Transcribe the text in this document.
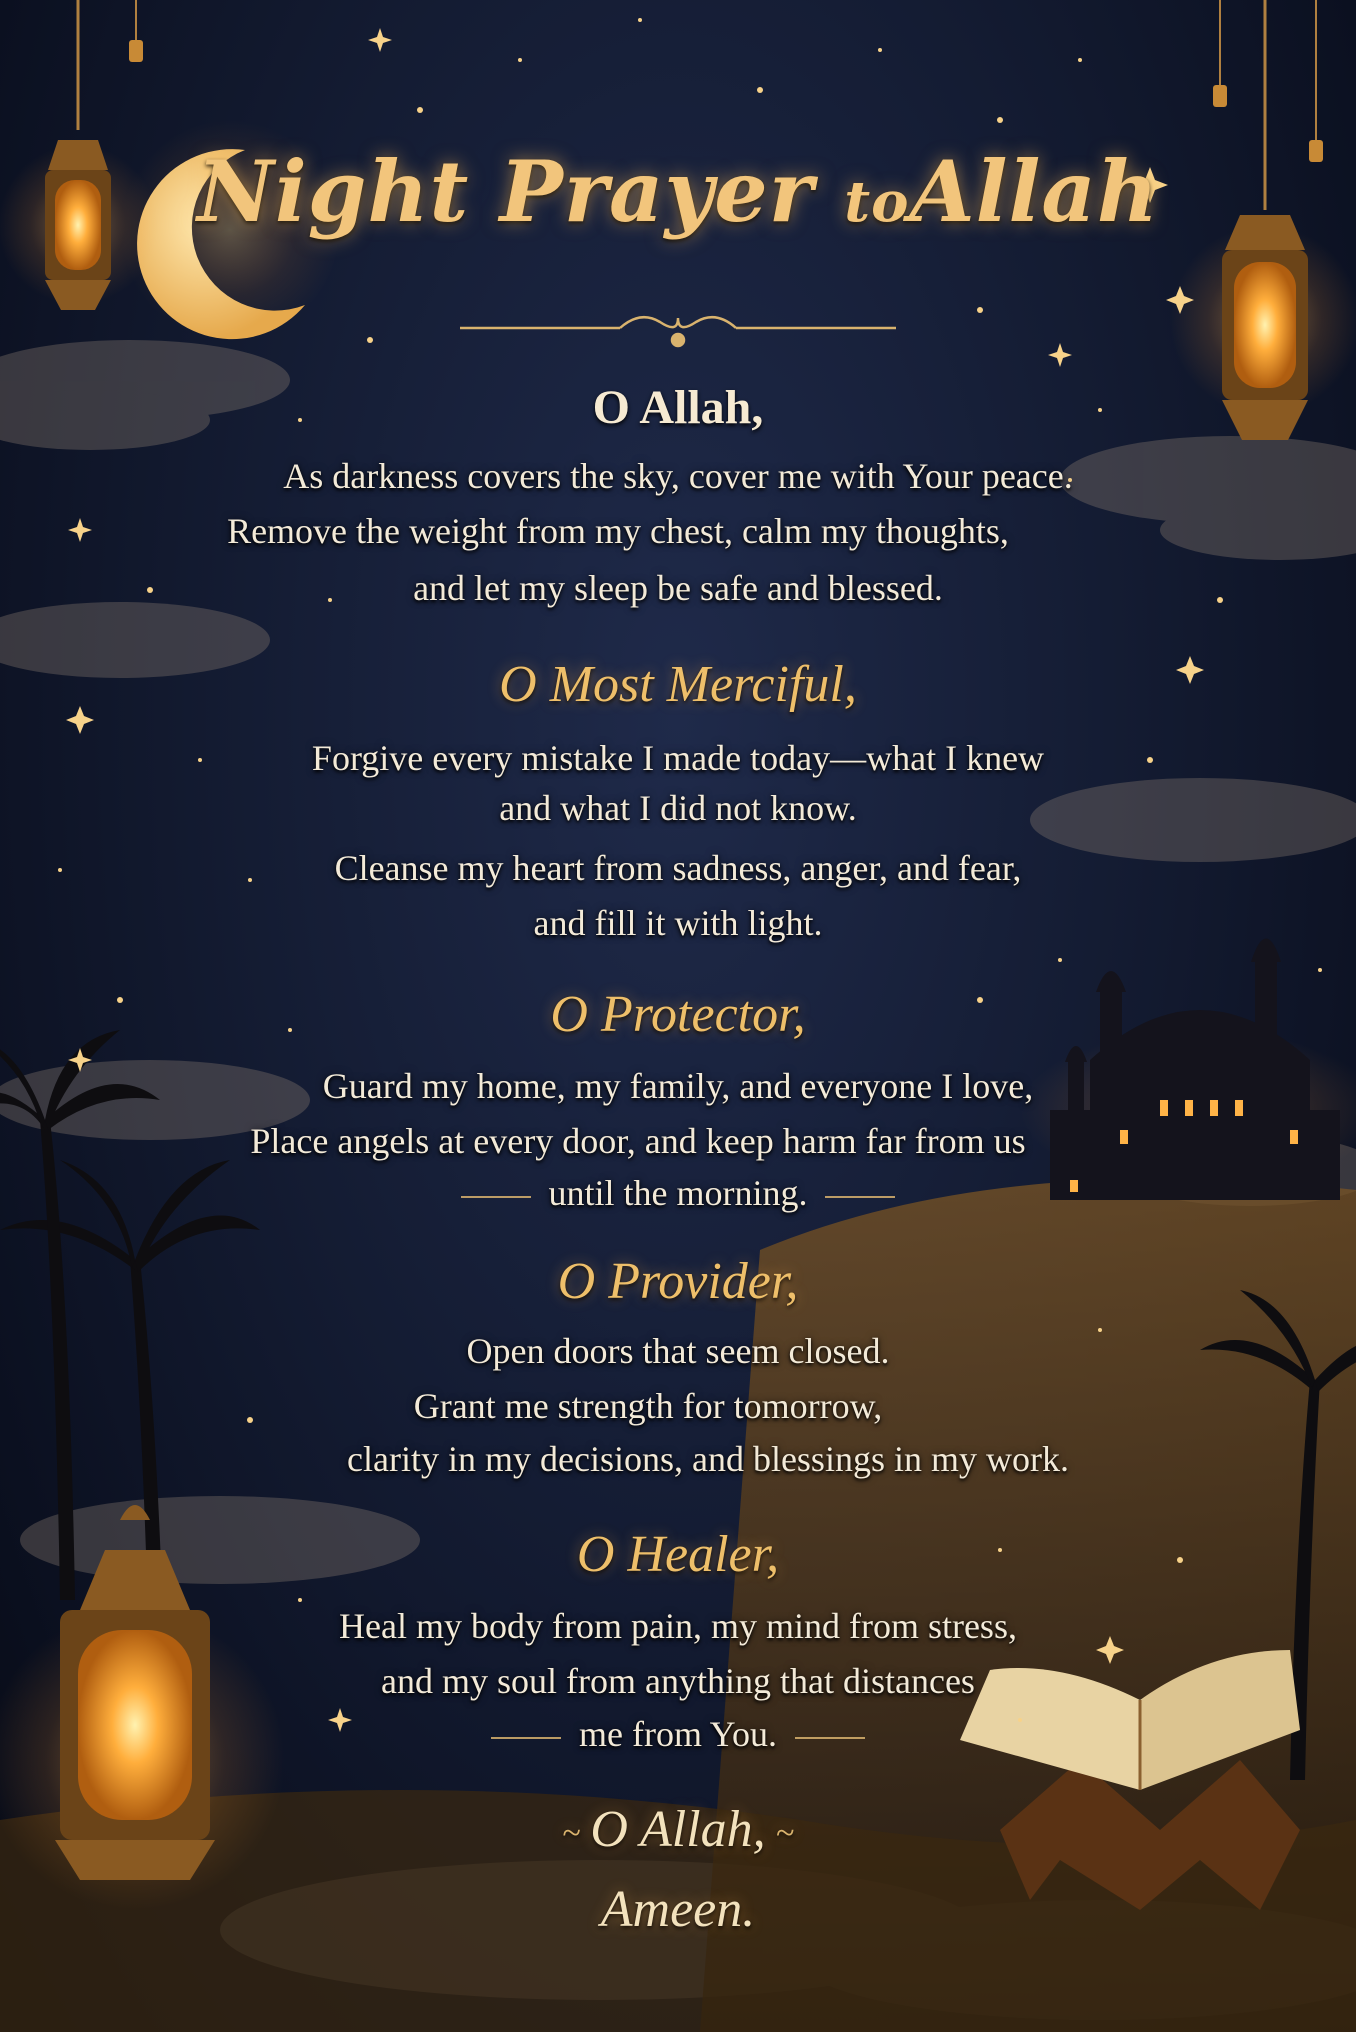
Night Prayer toAllah

O Allah,

As darkness covers the sky, cover me with Your peace.

Remove the weight from my chest, calm my thoughts,

and let my sleep be safe and blessed.

O Most Merciful,

Forgive every mistake I made today—what I knew

and what I did not know.

Cleanse my heart from sadness, anger, and fear,

and fill it with light.

O Protector,

Guard my home, my family, and everyone I love,

Place angels at every door, and keep harm far from us

until the morning.

O Provider,

Open doors that seem closed.

Grant me strength for tomorrow,

clarity in my decisions, and blessings in my work.

O Healer,

Heal my body from pain, my mind from stress,

and my soul from anything that distances

me from You.

~ O Allah, ~

Ameen.
